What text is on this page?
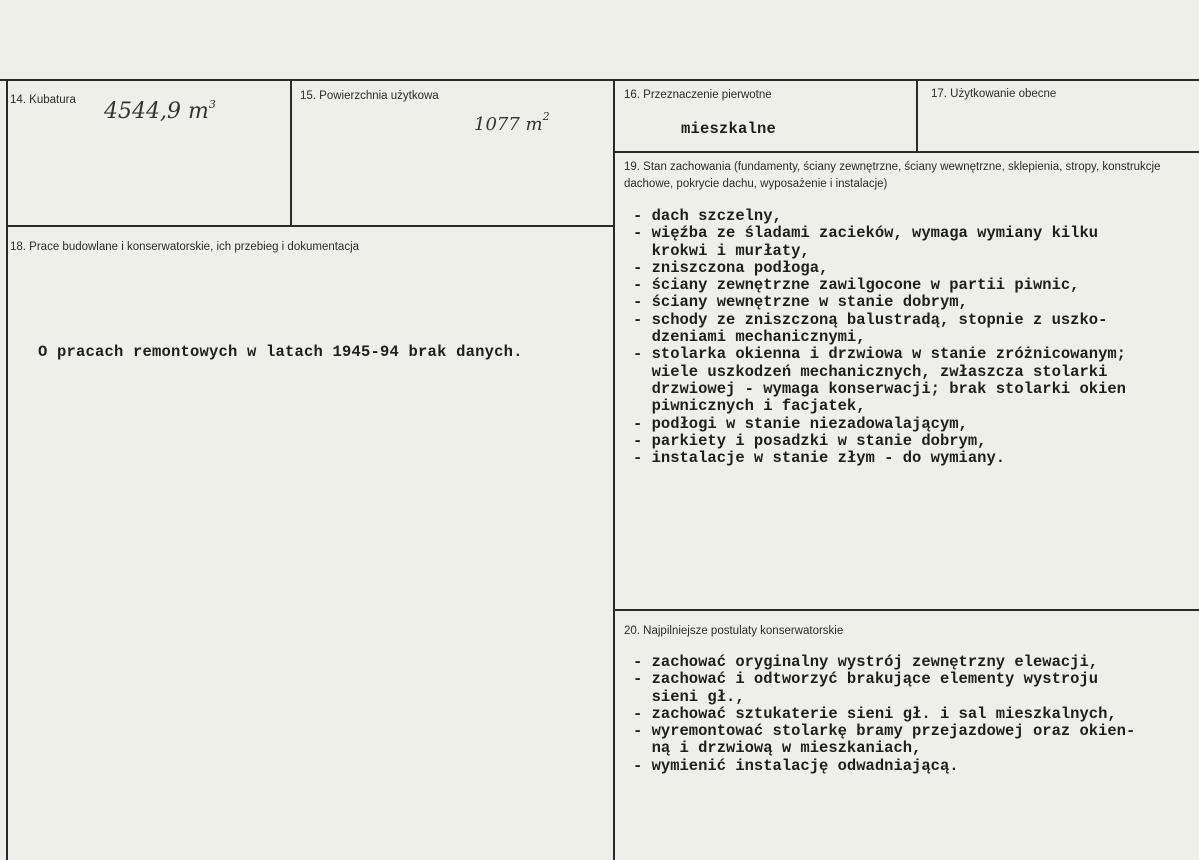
14. Kubatura 4544,9 $m^3$
15. Powierzchnia użytkowa
1077 $m^2$
16. Przeznaczenie pierwotne
mieszkalne
17. Użytkowanie obecne
18. Prace budowlane i konserwatorskie, ich przebieg i dokumentacja
O pracach remontowych w latach 1945-94 brak danych.
19. Stan zachowania (fundamenty, ściany zewnętrzne, ściany wewnętrzne, sklepienia, stropy, konstrukcje dachowe, pokrycie dachu, wyposażenie i instalacje)
- dach szczelny,
- więźba ze śladami zacieków, wymaga wymiany kilku
krokwi i murłaty,
- zniszczona podłoga,
- ściany zewnętrzne zawilgocone w partii piwnic,
- ściany wewnętrzne w stanie dobrym,
- schody ze zniszczoną balustradą, stopnie z uszko-
dzeniami mechanicznymi,
- stolarka okienna i drzwiowa w stanie zróżnicowanym;
wiele uszkodzeń mechanicznych, zwłaszcza stolarki
drzwiowej - wymaga konserwacji; brak stolarki okien
piwnicznych i facjatek,
- podłogi w stanie niezadowalającym,
- parkiety i posadzki w stanie dobrym,
- instalacje w stanie złym - do wymiany.
20. Najpilniejsze postulaty konserwatorskie
- zachować oryginalny wystrój zewnętrzny elewacji,
- zachować i odtworzyć brakujące elementy wystroju
sieni gł.,
- zachować sztukaterie sieni gł. i sal mieszkalnych,
- wyremontować stolarkę bramy przejazdowej oraz okien-
ną i drzwiową w mieszkaniach,
- wymienić instalację odwadniającą.
